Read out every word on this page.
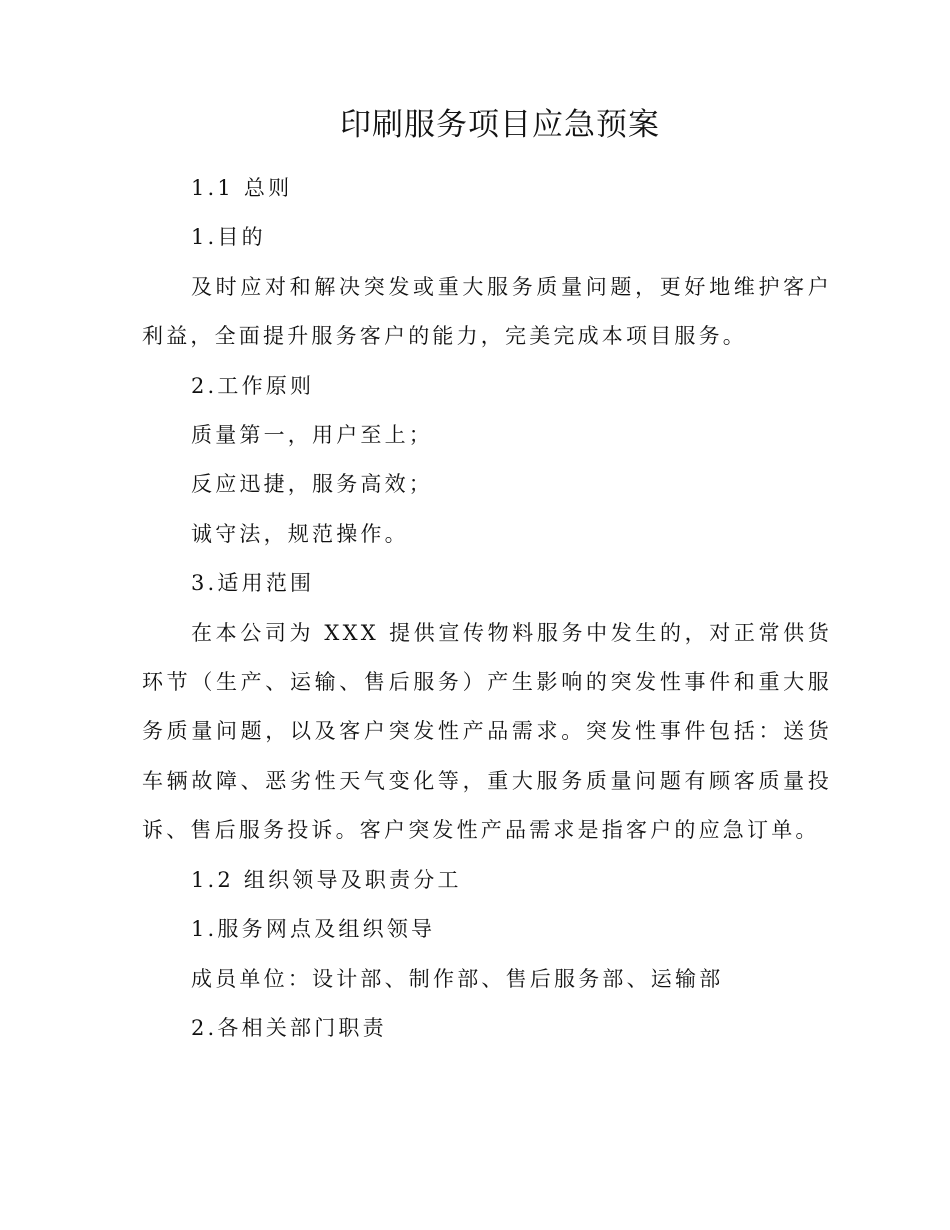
印刷服务项目应急预案

1.1 总则

1.目的

及时应对和解决突发或重大服务质量问题，更好地维护客户利益，全面提升服务客户的能力，完美完成本项目服务。

2.工作原则

质量第一，用户至上；

反应迅捷，服务高效；

诚守法，规范操作。

3.适用范围

在本公司为 XXX 提供宣传物料服务中发生的，对正常供货环节（生产、运输、售后服务）产生影响的突发性事件和重大服务质量问题，以及客户突发性产品需求。突发性事件包括：送货车辆故障、恶劣性天气变化等，重大服务质量问题有顾客质量投诉、售后服务投诉。客户突发性产品需求是指客户的应急订单。

1.2 组织领导及职责分工

1.服务网点及组织领导

成员单位：设计部、制作部、售后服务部、运输部

2.各相关部门职责
